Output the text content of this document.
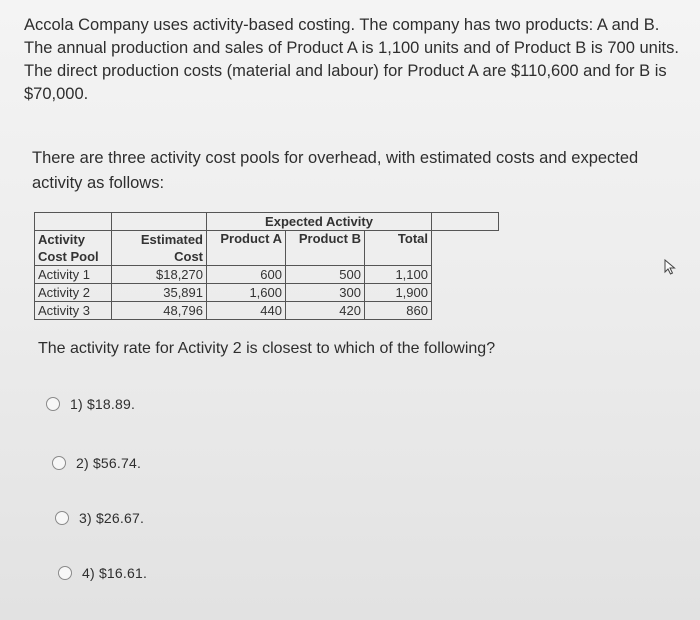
Accola Company uses activity-based costing. The company has two products: A and B. The annual production and sales of Product A is 1,100 units and of Product B is 700 units. The direct production costs (material and labour) for Product A are $110,600 and for B is $70,000.
There are three activity cost pools for overhead, with estimated costs and expected activity as follows:
		Expected Activity			
Activity	Estimated	Product A	Product B	Total	
Cost Pool	Cost				
Activity 1	$18,270	600	500	1,100	
Activity 2	35,891	1,600	300	1,900	
Activity 3	48,796	440	420	860	
The activity rate for Activity 2 is closest to which of the following?
1) $18.89.
2) $56.74.
3) $26.67.
4) $16.61.
